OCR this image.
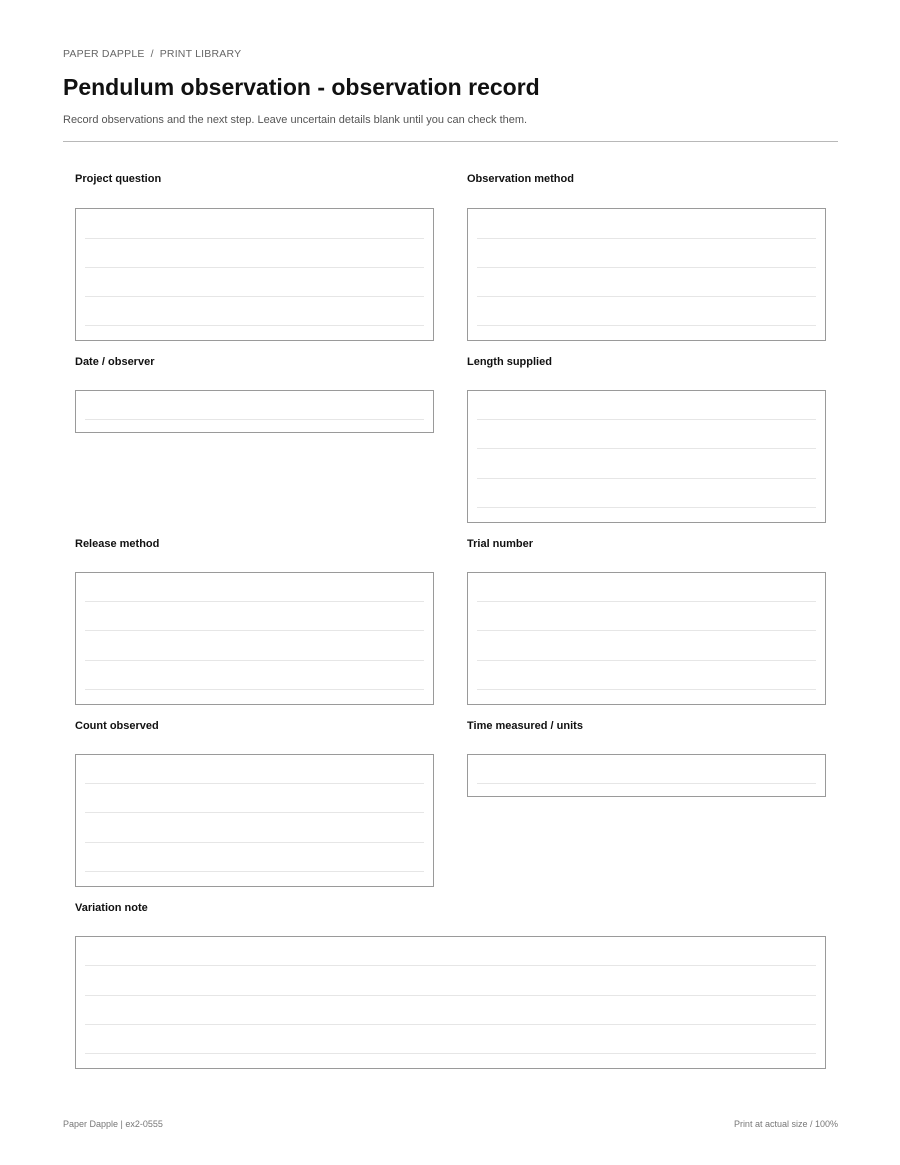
PAPER DAPPLE / PRINT LIBRARY
Pendulum observation - observation record
Record observations and the next step. Leave uncertain details blank until you can check them.
Project question	Observation method
Date / observer	Length supplied
Release method	Trial number
Count observed	Time measured / units
Variation note
Paper Dapple | ex2-0555	Print at actual size / 100%
